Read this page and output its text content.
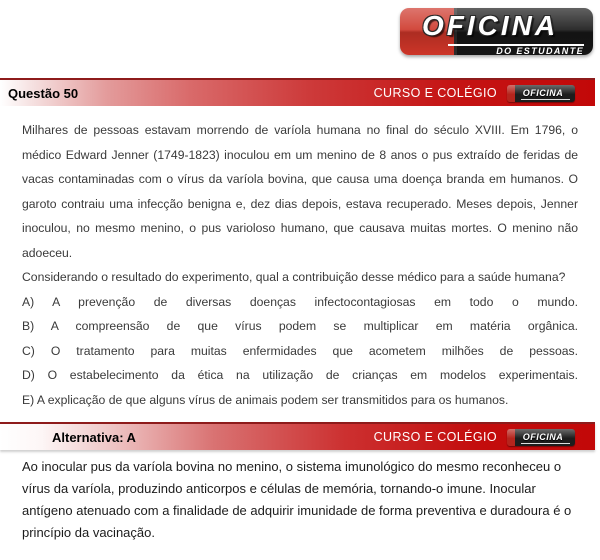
OFICINA
DO ESTUDANTE
Questão 50	CURSO E COLÉGIO	OFICINA

Milhares de pessoas estavam morrendo de varíola humana no final do século XVIII. Em 1796, o médico Edward Jenner (1749-1823) inoculou em um menino de 8 anos o pus extraído de feridas de vacas contaminadas com o vírus da varíola bovina, que causa uma doença branda em humanos. O garoto contraiu uma infecção benigna e, dez dias depois, estava recuperado. Meses depois, Jenner inoculou, no mesmo menino, o pus varioloso humano, que causava muitas mortes. O menino não adoeceu.

Considerando o resultado do experimento, qual a contribuição desse médico para a saúde humana?

A) A prevenção de diversas doenças infectocontagiosas em todo o mundo.
B) A compreensão de que vírus podem se multiplicar em matéria orgânica.
C) O tratamento para muitas enfermidades que acometem milhões de pessoas.
D) O estabelecimento da ética na utilização de crianças em modelos experimentais.
E) A explicação de que alguns vírus de animais podem ser transmitidos para os humanos.
Alternativa: A	CURSO E COLÉGIO	OFICINA

Ao inocular pus da varíola bovina no menino, o sistema imunológico do mesmo reconheceu o vírus da varíola, produzindo anticorpos e células de memória, tornando-o imune. Inocular antígeno atenuado com a finalidade de adquirir imunidade de forma preventiva e duradoura é o princípio da vacinação.
